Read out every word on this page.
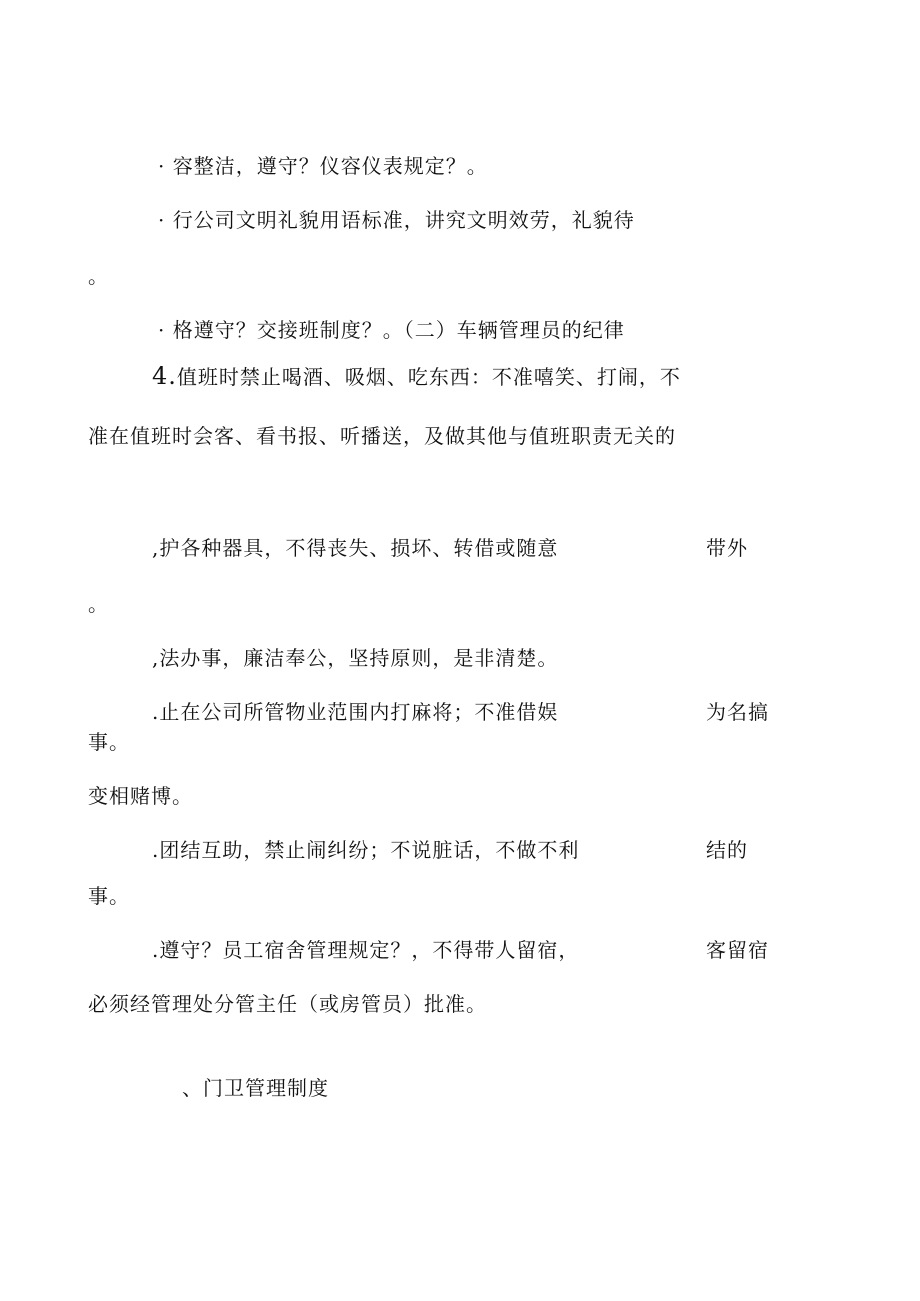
· 容整洁，遵守？仪容仪表规定？。
· 行公司文明礼貌用语标准，讲究文明效劳，礼貌待
。
· 格遵守？交接班制度？。（二）车辆管理员的纪律
4.值班时禁止喝酒、吸烟、吃东西：不准嘻笑、打闹，不
准在值班时会客、看书报、听播送，及做其他与值班职责无关的
,护各种器具，不得丧失、损坏、转借或随意	带外
。
,法办事，廉洁奉公，坚持原则，是非清楚。
.止在公司所管物业范围内打麻将；不准借娱	为名搞
事。
变相赌博。
.团结互助，禁止闹纠纷；不说脏话，不做不利	结的
事。
.遵守？员工宿舍管理规定？，不得带人留宿，	客留宿
必须经管理处分管主任（或房管员）批准。
、门卫管理制度
